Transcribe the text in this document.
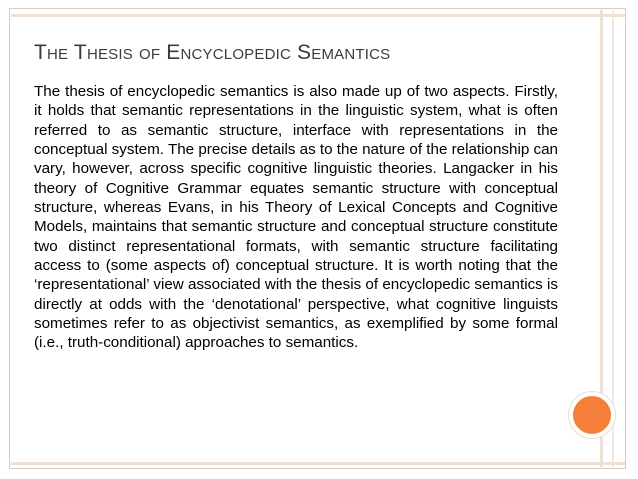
The Thesis of Encyclopedic Semantics

The thesis of encyclopedic semantics is also made up of two aspects. Firstly, it holds that semantic representations in the linguistic system, what is often referred to as semantic structure, interface with representations in the conceptual system. The precise details as to the nature of the relationship can vary, however, across specific cognitive linguistic theories. Langacker in his theory of Cognitive Grammar equates semantic structure with conceptual structure, whereas Evans, in his Theory of Lexical Concepts and Cognitive Models, maintains that semantic structure and conceptual structure constitute two distinct representational formats, with semantic structure facilitating access to (some aspects of) conceptual structure. It is worth noting that the ‘representational’ view associated with the thesis of encyclopedic semantics is directly at odds with the ‘denotational’ perspective, what cognitive linguists sometimes refer to as objectivist semantics, as exemplified by some formal (i.e., truth-conditional) approaches to semantics.
